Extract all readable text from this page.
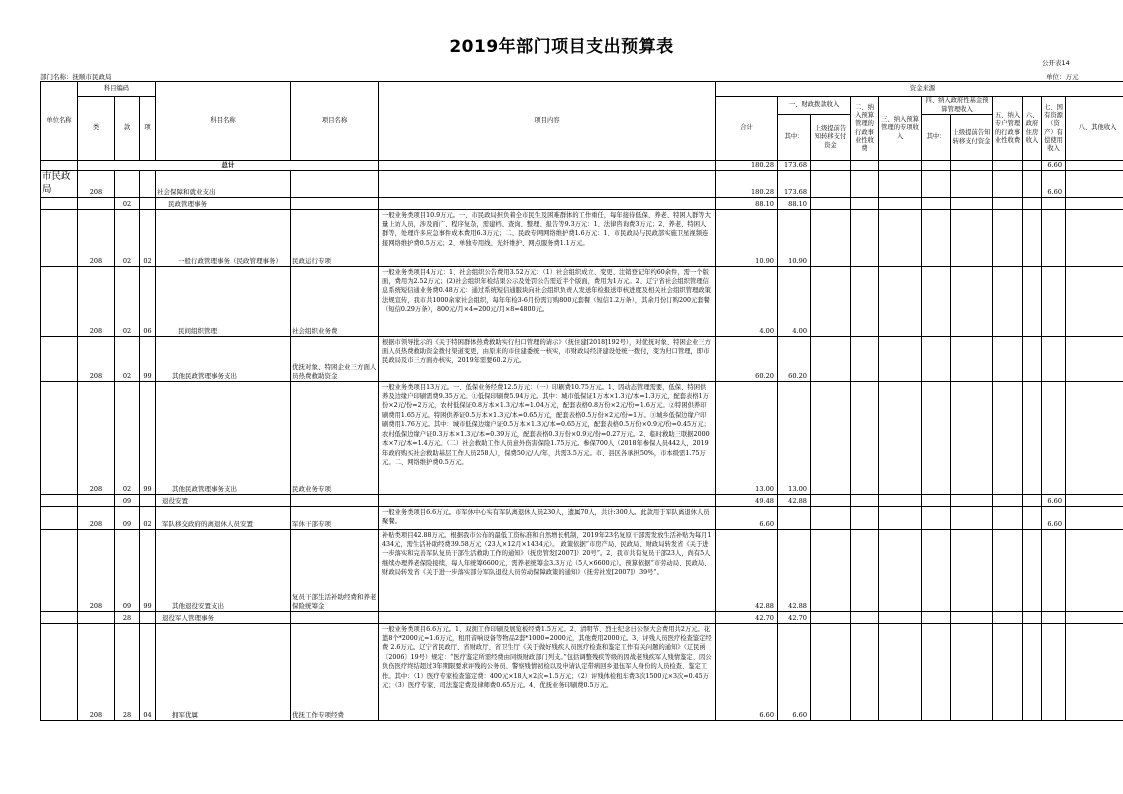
2019年部门项目支出预算表
公开表14
部门名称：抚顺市民政局	单位：万元
单位名称	科目编码			科目名称	项目名称	项目内容	资金来源										
	类	款	项				合计	一、财政拨款收入		二、纳入预算管理的行政事业性收费	三、纳入预算管理的专项收入	四、纳入政府性基金预算管理收入		五、纳入专户管理的行政事业性收费	六、政府住房收入	七、国有资源（资产）有偿使用收入	八、其他收入
								其中：	上级提前告知转移支付资金			其中：	上级提前告知转移支付资金				
	总计						180.28	173.68								6.60	
市民政局	208			社会保障和就业支出			180.28	173.68								6.60	
		02		民政管理事务			88.10	88.10									
	208	02	02	一般行政管理事务（民政管理事务）	民政运行专项	一般业务类项目10.9万元。一、市民政局担负着全市民生及困难群体的工作重任，每年接待低保、养老、特困人群等大量上访人员，涉及面广、程序复杂，需建档、查询、整理、报告等9.3万元：1、法律咨询费3万元；2、养老、特困人群等，处理许多应急事件成本费用6.3万元；二、民政专网网络维护费1.6万元：1、市民政局与民政部实施卫星视频连接网络维护费0.5万元；2、单独专用线、光纤维护、网点服务费1.1万元。	10.90	10.90									
	208	02	06	民间组织管理	社会组织业务费	一般业务类项目4万元：1、社会组织公告费用3.52万元：（1）社会组织成立、变更、注销登记年约60余件，需一个版面，费用为2.52万元；(2)社会组织年检结果公示及处罚公告需近半个版面，费用为1万元。2、辽宁省社会组织管理信息系统短信通业务费0.48万元：通过系统短信通服块向社会组织负责人发送年检报送审核进度及相关社会组织管理政策法规宣传，我市共1000余家社会组织，每年年检3-6月份需订购800元套餐（短信1.2万条），其余月份订购200元套餐（短信0.29万条），800元/月×4=200元/月×8=4800元。	4.00	4.00									
	208	02	99	其他民政管理事务支出	优抚对象、特困企业三方面人员热费救助资金	根据市领导批示的《关于特困群体热费救助实行归口管理的请示》（抚住建[2018]192号），对优抚对象、特困企业三方面人员热费救助资金拨付渠道变更，由原来的市住建委统一核实，市财政局经济建设处统一拨付，变为归口管理，即市民政局及市三方面办核实，2019年需要60.2万元。	60.20	60.20									
	208	02	99	其他民政管理事务支出	民政业务专项	一般业务类项目13万元。一、低保业务经费12.5万元：（一）印刷费10.75万元。1、因动态管理需要，低保、特困供养及边缘户印刷需费9.35万元。①低保印刷费5.94万元。其中：城市低保证1万本×1.3元/本=1.3万元，配套表格1万份×2元/份=2万元，农村低保证0.8万本×1.3元/本=1.04万元，配套表格0.8万份×2元/份=1.6万元。②特困供养印刷费用1.65万元。特困供养证0.5万本×1.3元/本=0.65万元，配套表格0.5万份×2元/份=1万。③城乡低保边缘户印刷费用1.76万元。其中：城市低保边缘户证0.5万本×1.3元/本=0.65万元，配套表格0.5万份×0.9元/份=0.45万元；农村低保边缘户证0.3万本×1.3元/本=0.39万元，配套表格0.3万份×0.9元/份=0.27万元。2、临时救助三联据2000本×7元/本=1.4万元。（二）社会救助工作人员意外伤害保险1.75万元。参保700人（2018年参保人员442人，2019年政府购买社会救助基层工作人员258人），保费50元/人/年，共需3.5万元。市、县区各承担50%，市本级需1.75万元。二、网络维护费0.5万元。	13.00	13.00									
		09		退役安置			49.48	42.88								6.60	
	208	09	02	军队移交政府的离退休人员安置	军休干部专项	一般业务类项目6.6万元。市军休中心实有军队离退休人员230人，遗属70人，共计:300人。此款用于军队离退休人员聚餐。	6.60									6.60	
	208	09	99	其他退役安置支出	复员干部生活补助经费和养老保险统筹金	补贴类项目42.88万元。根据我市公布的最低工资标准和自然增长机制，2019年23名复原干部需发放生活补贴为每月1434元，需生活补助经费39.58万元（23人×12月×1434元）。 政策依据“市房产局、民政局、财政局转发省《关于进一步落实和完善军队复员干部生活救助工作的通知》（抚房管发[2007]）20号”。2、我市共有复员干部23人，尚有5人继续办理养老保险接续，每人年统筹6600元，需养老统筹金3.3万元（5人×6600元）。预算依据“市劳动局、民政局、财政局转发省《关于进一步落实部分军队退役人员劳动保障政策的通知》（抚劳社发[2007]）39号”。	42.88	42.88									
		28		退役军人管理事务			42.70	42.70									
	208	28	04	拥军优属	优抚工作专项经费	一般业务类项目6.6万元。1、双拥工作印刷及展览板经费1.5万元。2、清明节、烈士纪念日公祭大会费用共2万元。花篮8个*2000元=1.6万元，租用音响设备等物品2套*1000=2000元，其他费用2000元。3、评残人员医疗检查鉴定经费 2.6万元。辽宁省民政厅、省财政厅、省卫生厅《关于做好残疾人员医疗检查和鉴定工作有关问题的通知》（辽民函〔2006〕19号）规定：“医疗鉴定所需经费由同级财政部门列支。”包括调整残疾等级的因战老残疾军人残情鉴定、因公负伤医疗终结超过3年期限要求评残的公务员、警察残情初检以及申请认定带病回乡退伍军人身份的人员检查、鉴定工作。其中：（1）医疗专家检查鉴定费：400元×18人×2次=1.5万元；（2）评残体检租车费3次1500元×3次=0.45万元；（3）医疗专家、司法鉴定费及律师费0.65万元。4、优抚业务印刷费0.5万元。	6.60	6.60									
